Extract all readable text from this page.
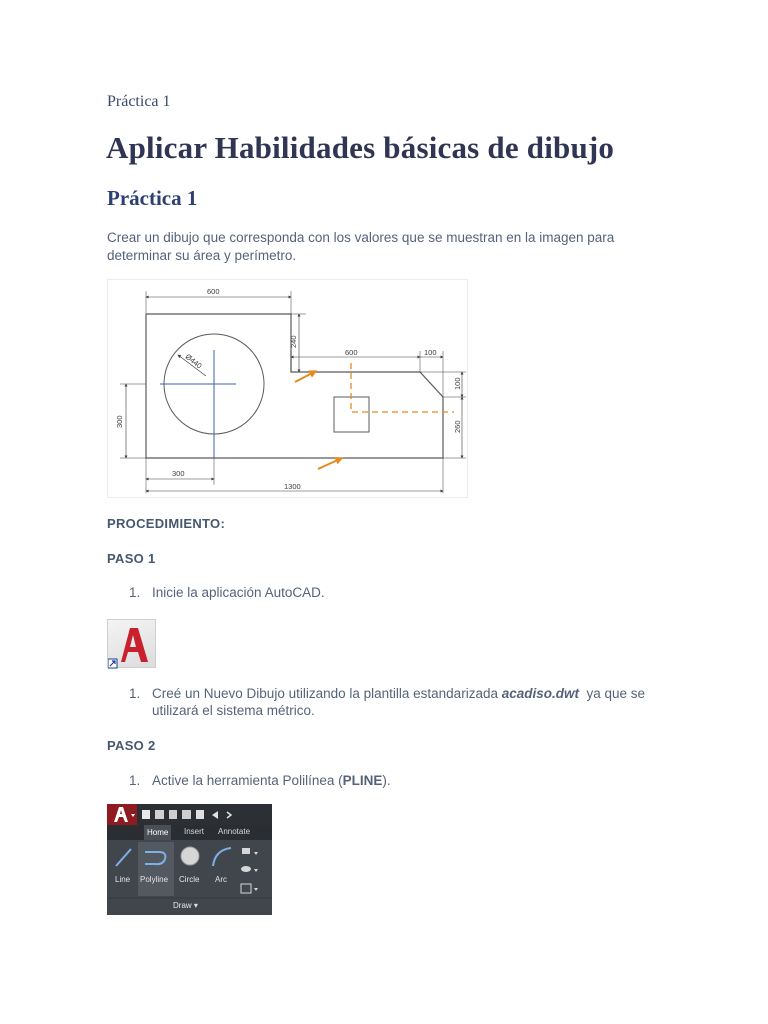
Práctica 1
Aplicar Habilidades básicas de dibujo
Práctica 1
Crear un dibujo que corresponda con los valores que se muestran en la imagen para determinar su área y perímetro.
Ø440
600
240
600	100
100
260
300
300
1300
PROCEDIMIENTO:
PASO 1
1. Inicie la aplicación AutoCAD.
1. Creé un Nuevo Dibujo utilizando la plantilla estandarizada acadiso.dwt  ya que se utilizará el sistema métrico.
PASO 2
1. Active la herramienta Polilínea (PLINE).
Home	Insert Annotate
Line Polyline Circle Arc
Draw ▾
